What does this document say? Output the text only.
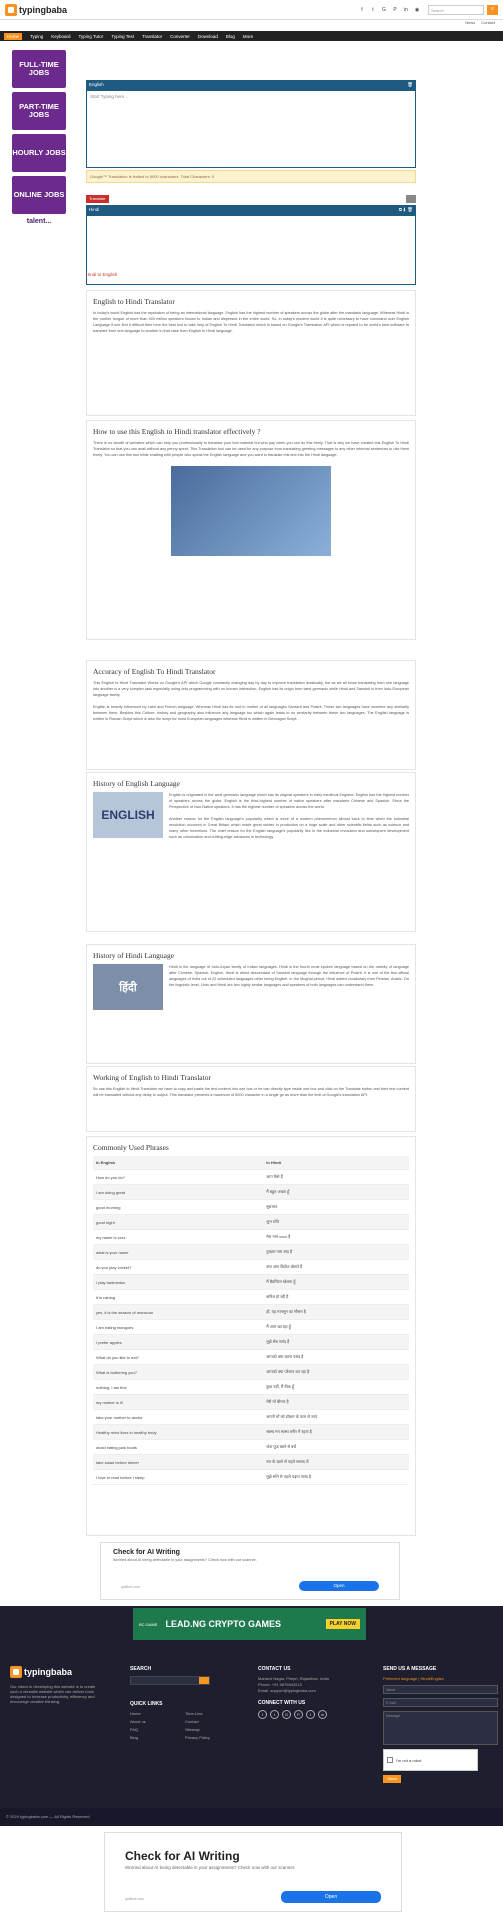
typingbaba	f	t	G	P	in	◉	Search	⌕
News Contact
Home	Typing Keyboard Typing Tutor Typing Test Translator Converter Download Blog More
FULL-TIME JOBS
PART-TIME JOBS
HOURLY JOBS
ONLINE JOBS
talent...
English	🗑
Start Typing here...
Google™ Translation is limited to 5000 characters. Total Characters: 0
Translate
Hindi	⧉ ⬇ 🗑
Hindi to English
English to Hindi Translator

In today's world English has the reputation of being an international language. English has the highest number of speakers across the globe after the mandarin language. Whereas Hindi is the mother tongue of more than 400 million speakers known to Indian and dispersed in the entire world. So, in today's modern world it is quite necessary to have command over English Language if one find it difficult then here the best tool to take help of English To Hindi Translator which is based on Google's Translation API which is reputed to be world's best software to translate from one language to another in that case from English to Hindi language.

How to use this English to Hindi translator effectively ?

There is no dearth of websites which can help you professionally to translate your text material but who pay when you can do this freely. That is why we have created this English To Hindi Translator so that you can avail without any penny spent. This Translation tool can be used for any purpose from translating greeting messages to any other informal sentences to use them freely. You can use this tool while chatting with people who speak the English language and you want to translate this text into the Hindi language.

Accuracy of English To Hindi Translator

This English to Hindi Translator Works on Google's API which Google constantly changing day by day to improve translation drastically, but as we all know translating from one language into another is a very complex task especially using only programming with no human interaction, English has its origin from west germanic while Hindi and Sanskrit is from Indo-European language family.

English is heavily influenced by Latin and French language. Whereas Hindi has its root in mother of all languages Sanskrit and Prakrit. These two languages have nowhere any similarity between them. Besides this Culture, history and geography also influence any language too which again leads to no similarity between these two languages. The English language is written in Roman Script which is also the script for most European languages whereas Hindi is written in Devnagari Script.

History of English Language
ENGLISH

English is originated in the west germanic language which has its original speakers in early medieval England. English has the highest number of speakers across the globe. English is the third-highest number of native speakers after mandarin Chinese and Spanish. Since the Perspective of Non-Native speakers, it has the highest number of speakers across the world.

Another reason for the English language's popularity which is more of a modern phenomenon almost back to time when the industrial revolution occurred in Great Britain which made great strides in production on a huge scale and other scientific fields such as science and many other inventions. The chief reason for the English language's popularity lies in the industrial revolution and subsequent development such as colonization and cutting-edge advances in technology.

History of Hindi Language
हिंदी

Hindi is the language of Indo-Aryan family of Indian languages. Hindi is the fourth most spoken language based on the nativity of language after Chinese, Spanish, English. Hindi is direct descendant of Sanskrit language through the influence of Prakrit. It is one of the few official languages of India out of 22 scheduled languages other being English. In the Mughal period, Hindi added vocabulary from Persian, Arabic. On the linguistic level, Urdu and Hindi are two highly similar languages and speakers of both languages can understand them.

Working of English to Hindi Translator

So use this English to Hindi Translator we have to copy and paste the text content into one box or he can directly type inside one box and click on the Translate button and their text content will be translated without any delay to output. This translator presents a maximum of 5000 character in a single go as more than the limit of Google's translation API.

Commonly Used Phrases
In English	In Hindi
How do you do?	आप कैसे हैं
I am doing great	मैं बहुत अच्छा हूँ
good morning	सुप्रभात
good night	शुभ रात्रि
my name is xxxx	मेरा नाम xxxx है
what is your name	तुम्हारा नाम क्या है
do you play cricket?	क्या आप क्रिकेट खेलते हैं
I play badminton	मैं बैडमिंटन खेलता हूँ
it is raining	बारिश हो रही है
yes, it is the season of monsoon	हाँ, यह मानसून का मौसम है
I am eating mangoes	मैं आम खा रहा हूँ
I prefer apples	मुझे सेब पसंद हैं
What do you like to eat?	आपको क्या खाना पसंद है
What is bothering you?	आपको क्या परेशान कर रहा है
nothing, I am fine	कुछ नहीं, मैं ठीक हूँ
my mother is ill	मेरी माँ बीमार है
take your mother to doctor	अपनी माँ को डॉक्टर के पास ले जाएं
Healthy mind lives in healthy body	स्वस्थ मन स्वस्थ शरीर में रहता है
avoid eating junk foods	जंक फूड खाने से बचें
take salad before dinner	रात के खाने से पहले सलाद लें
I love to read before I sleep	मुझे सोने से पहले पढ़ना पसंद है
Check for AI Writing
Worried about AI being detectable in your assignments? Check now with our scanner.
quillbot.com	Open
BC.GAME LEAD.NG CRYPTO GAMES	PLAY NOW
typingbaba
Our vision in developing this website is to create such a versatile website which can deliver tools designed to increase productivity, efficiency and encourage creative thinking.
SEARCH
QUICK LINKS
Home	Time-Line
About us	Contact
FAQ	Sitemap
Blog	Privacy Policy
CONTACT US
Mahavir Nagar, Pimpri, Rajasthan, India
Phone: +91 9876543210
Email: support@typingbaba.com
CONNECT WITH US
f	t	G	P	t	in
SEND US A MESSAGE
Preferred language | Hindi/English
Name
E-mail
Message
I'm not a robot
Send
© 2024 typingbaba.com — All Rights Reserved
Check for AI Writing
Worried about AI being detectable in your assignments? Check now with our scanner.
quillbot.com	Open
